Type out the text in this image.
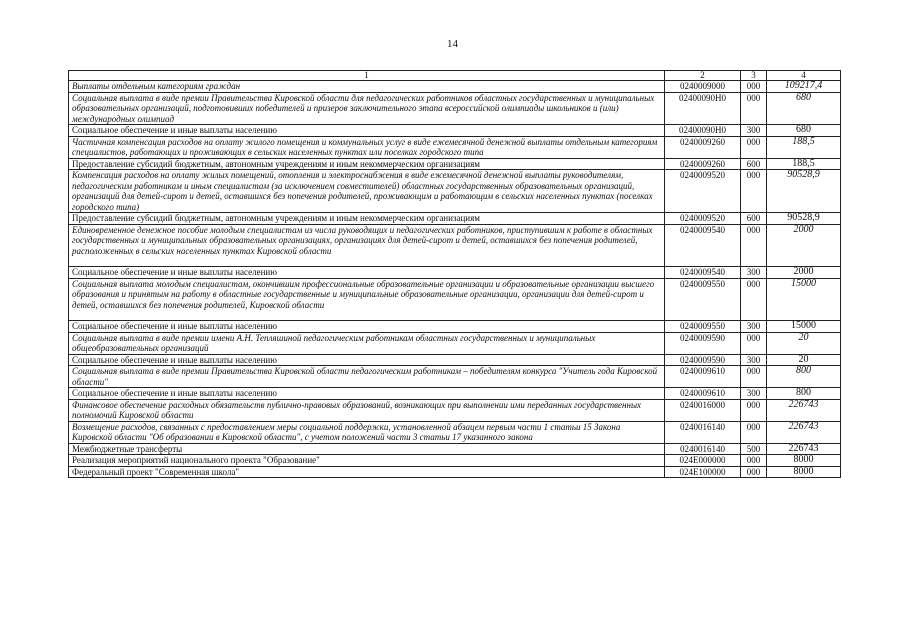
14
1	2	3	4
Выплаты отдельным категориям граждан	0240009000	000	109217,4
Социальная выплата в виде премии Правительства Кировской области для педагогических работников областных государственных и муниципальных образовательных организаций, подготовивших победителей и призеров заключительного этапа всероссийской олимпиады школьников и (или) международных олимпиад	02400090Н0	000	680
Социальное обеспечение и иные выплаты населению	02400090Н0	300	680
Частичная компенсация расходов на оплату жилого помещения и коммунальных услуг в виде ежемесячной денежной выплаты отдельным категориям специалистов, работающих и проживающих в сельских населенных пунктах или поселках городского типа	0240009260	000	188,5
Предоставление субсидий бюджетным, автономным учреждениям и иным некоммерческим организациям	0240009260	600	188,5
Компенсация расходов на оплату жилых помещений, отопления и электроснабжения в виде ежемесячной денежной выплаты руководителям, педагогическим работникам и иным специалистам (за исключением совместителей) областных государственных образовательных организаций, организаций для детей-сирот и детей, оставшихся без попечения родителей, проживающим и работающим в сельских населенных пунктах (поселках городского типа)	0240009520	000	90528,9
Предоставление субсидий бюджетным, автономным учреждениям и иным некоммерческим организациям	0240009520	600	90528,9
Единовременное денежное пособие молодым специалистам из числа руководящих и педагогических работников, приступившим к работе в областных государственных и муниципальных образовательных организациях, организациях для детей-сирот и детей, оставшихся без попечения родителей, расположенных в сельских населенных пунктах Кировской области	0240009540	000	2000
Социальное обеспечение и иные выплаты населению	0240009540	300	2000
Социальная выплата молодым специалистам, окончившим профессиональные образовательные организации и образовательные организации высшего образования и принятым на работу в областные государственные и муниципальные образовательные организации, организации для детей-сирот и детей, оставшихся без попечения родителей, Кировской области	0240009550	000	15000
Социальное обеспечение и иные выплаты населению	0240009550	300	15000
Социальная выплата в виде премии имени А.Н. Тепляшиной педагогическим работникам областных государственных и муниципальных общеобразовательных организаций	0240009590	000	20
Социальное обеспечение и иные выплаты населению	0240009590	300	20
Социальная выплата в виде премии Правительства Кировской области педагогическим работникам – победителям конкурса "Учитель года Кировской области"	0240009610	000	800
Социальное обеспечение и иные выплаты населению	0240009610	300	800
Финансовое обеспечение расходных обязательств публично-правовых образований, возникающих при выполнении ими переданных государственных полномочий Кировской области	0240016000	000	226743
Возмещение расходов, связанных с предоставлением меры социальной поддержки, установленной абзацем первым части 1 статьи 15 Закона Кировской области "Об образовании в Кировской области", с учетом положений части 3 статьи 17 указанного закона	0240016140	000	226743
Межбюджетные трансферты	0240016140	500	226743
Реализация мероприятий национального проекта "Образование"	024E000000	000	8000
Федеральный проект "Современная школа"	024E100000	000	8000
